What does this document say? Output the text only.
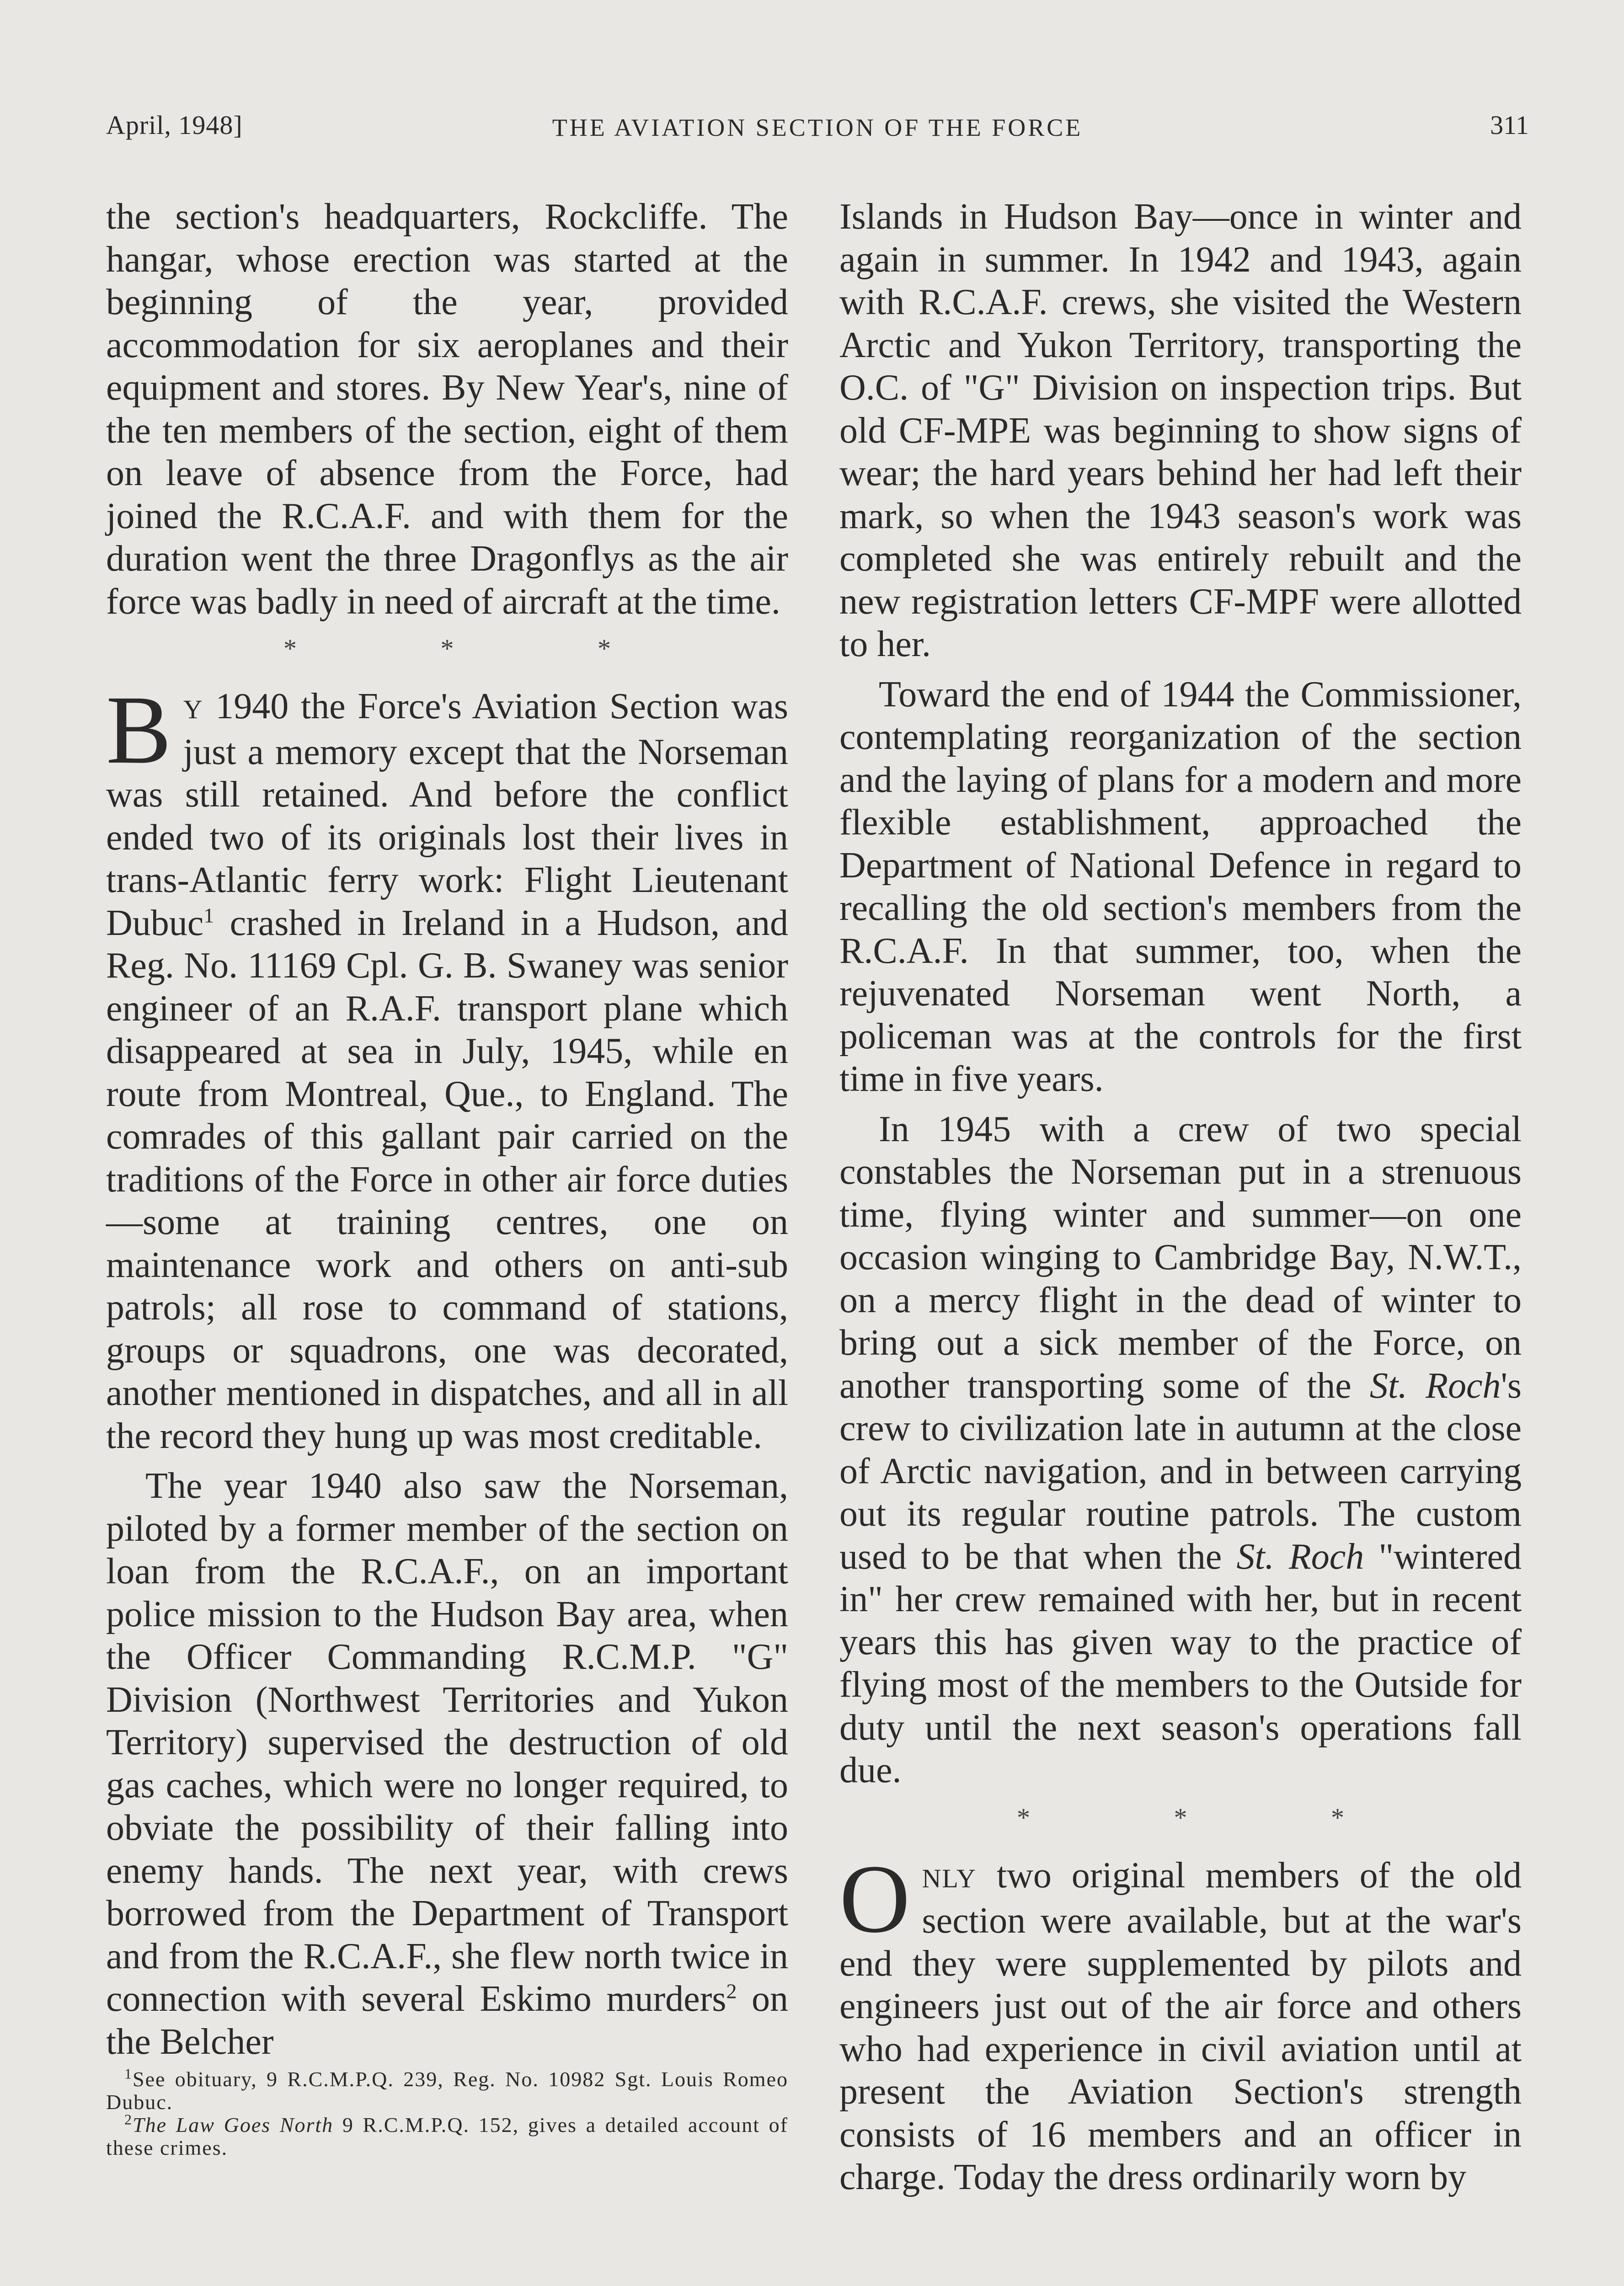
April, 1948]	THE AVIATION SECTION OF THE FORCE	311

the section's headquarters, Rockcliffe. The hangar, whose erection was started at the beginning of the year, provided accommodation for six aeroplanes and their equipment and stores. By New Year's, nine of the ten members of the section, eight of them on leave of absence from the Force, had joined the R.C.A.F. and with them for the duration went the three Dragonflys as the air force was badly in need of aircraft at the time.

* * *

BY 1940 the Force's Aviation Section was just a memory except that the Norseman was still retained. And before the conflict ended two of its originals lost their lives in trans-Atlantic ferry work: Flight Lieutenant Dubuc$^1$ crashed in Ireland in a Hudson, and Reg. No. 11169 Cpl. G. B. Swaney was senior engineer of an R.A.F. transport plane which disappeared at sea in July, 1945, while en route from Montreal, Que., to England. The comrades of this gallant pair carried on the traditions of the Force in other air force duties—some at training centres, one on maintenance work and others on anti-sub patrols; all rose to command of stations, groups or squadrons, one was decorated, another mentioned in dispatches, and all in all the record they hung up was most creditable.

The year 1940 also saw the Norseman, piloted by a former member of the section on loan from the R.C.A.F., on an important police mission to the Hudson Bay area, when the Officer Commanding R.C.M.P. "G" Division (Northwest Territories and Yukon Territory) supervised the destruction of old gas caches, which were no longer required, to obviate the possibility of their falling into enemy hands. The next year, with crews borrowed from the Department of Transport and from the R.C.A.F., she flew north twice in connection with several Eskimo murders$^2$ on the Belcher

$^1$See obituary, 9 R.C.M.P.Q. 239, Reg. No. 10982 Sgt. Louis Romeo Dubuc.

$^2$The Law Goes North 9 R.C.M.P.Q. 152, gives a detailed account of these crimes.

Islands in Hudson Bay—once in winter and again in summer. In 1942 and 1943, again with R.C.A.F. crews, she visited the Western Arctic and Yukon Territory, transporting the O.C. of "G" Division on inspection trips. But old CF-MPE was beginning to show signs of wear; the hard years behind her had left their mark, so when the 1943 season's work was completed she was entirely rebuilt and the new registration letters CF-MPF were allotted to her.

Toward the end of 1944 the Commissioner, contemplating reorganization of the section and the laying of plans for a modern and more flexible establishment, approached the Department of National Defence in regard to recalling the old section's members from the R.C.A.F. In that summer, too, when the rejuvenated Norseman went North, a policeman was at the controls for the first time in five years.

In 1945 with a crew of two special constables the Norseman put in a strenuous time, flying winter and summer—on one occasion winging to Cambridge Bay, N.W.T., on a mercy flight in the dead of winter to bring out a sick member of the Force, on another transporting some of the St. Roch's crew to civilization late in autumn at the close of Arctic navigation, and in between carrying out its regular routine patrols. The custom used to be that when the St. Roch "wintered in" her crew remained with her, but in recent years this has given way to the practice of flying most of the members to the Outside for duty until the next season's operations fall due.

* * *

ONLY two original members of the old section were available, but at the war's end they were supplemented by pilots and engineers just out of the air force and others who had experience in civil aviation until at present the Aviation Section's strength consists of 16 members and an officer in charge. Today the dress ordinarily worn by
